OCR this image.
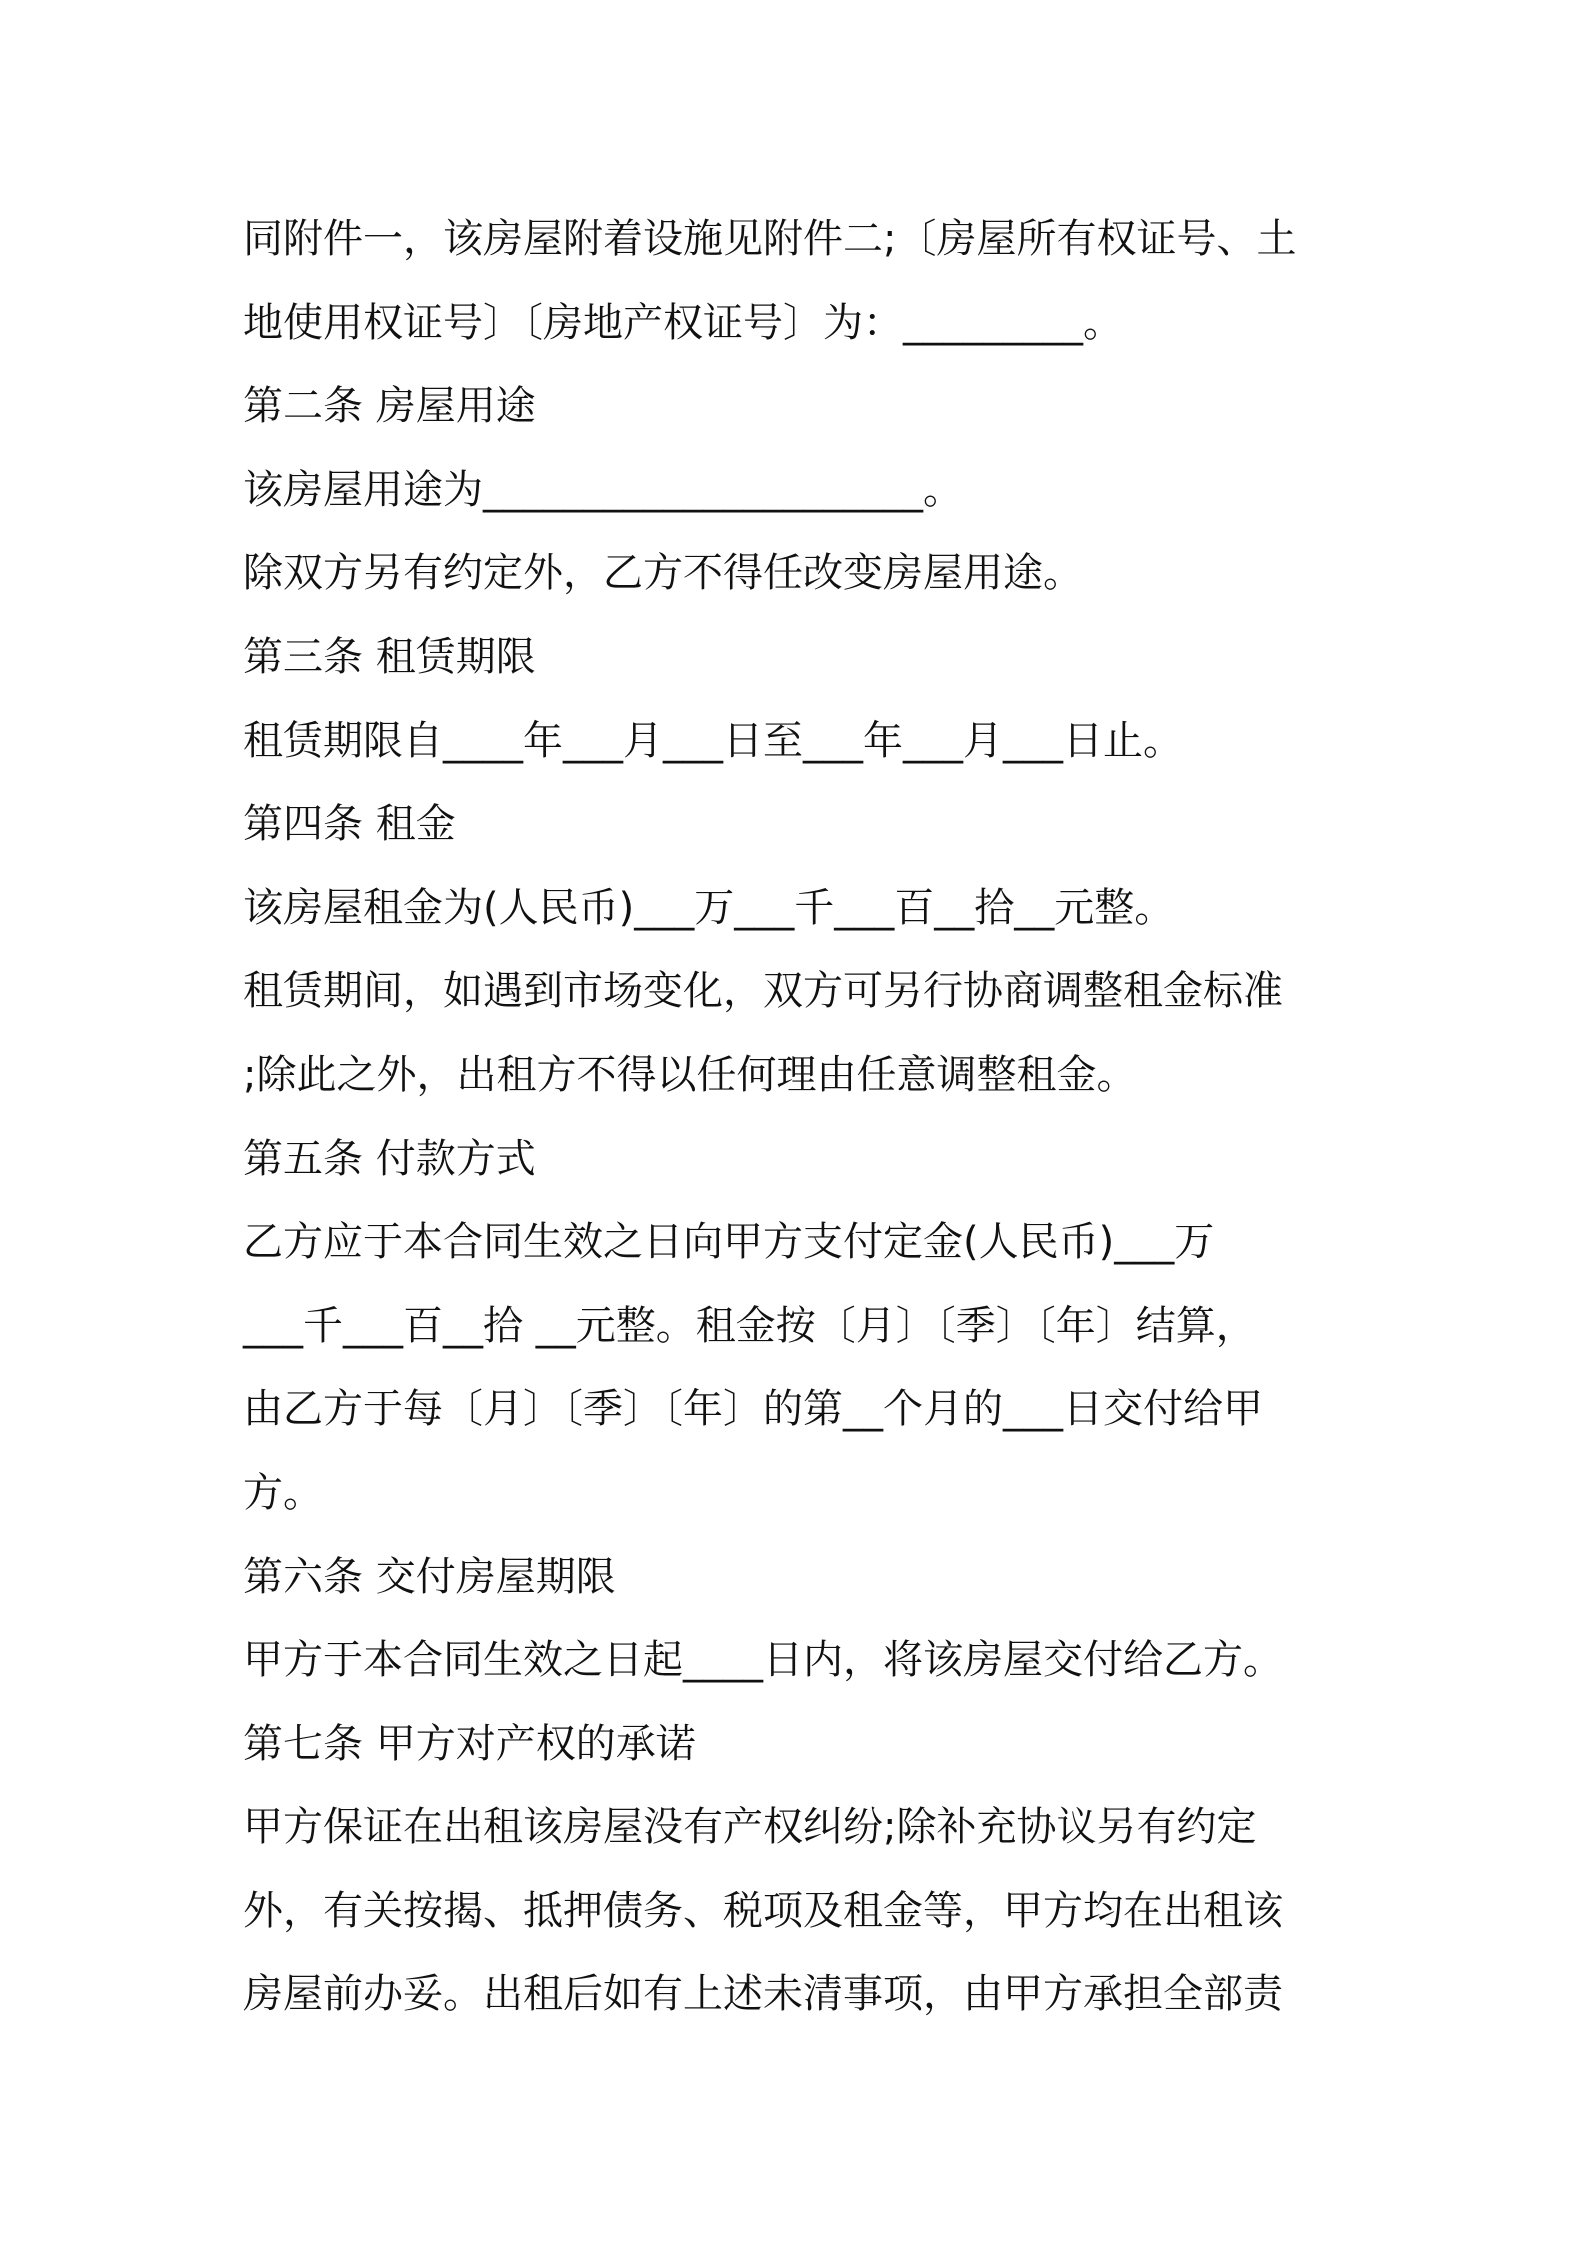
同附件一，该房屋附着设施见附件二;〔房屋所有权证号、土
地使用权证号〕〔房地产权证号〕为：_________。
第二条 房屋用途
该房屋用途为______________________。
除双方另有约定外，乙方不得任改变房屋用途。
第三条 租赁期限
租赁期限自____年___月___日至___年___月___日止。
第四条 租金
该房屋租金为(人民币)___万___千___百__拾__元整。
租赁期间，如遇到市场变化，双方可另行协商调整租金标准
;除此之外，出租方不得以任何理由任意调整租金。
第五条 付款方式
乙方应于本合同生效之日向甲方支付定金(人民币)___万
___千___百__拾 __元整。租金按〔月〕〔季〕〔年〕结算，
由乙方于每〔月〕〔季〕〔年〕的第__个月的___日交付给甲
方。
第六条 交付房屋期限
甲方于本合同生效之日起____日内，将该房屋交付给乙方。
第七条 甲方对产权的承诺
甲方保证在出租该房屋没有产权纠纷;除补充协议另有约定
外，有关按揭、抵押债务、税项及租金等，甲方均在出租该
房屋前办妥。出租后如有上述未清事项，由甲方承担全部责
